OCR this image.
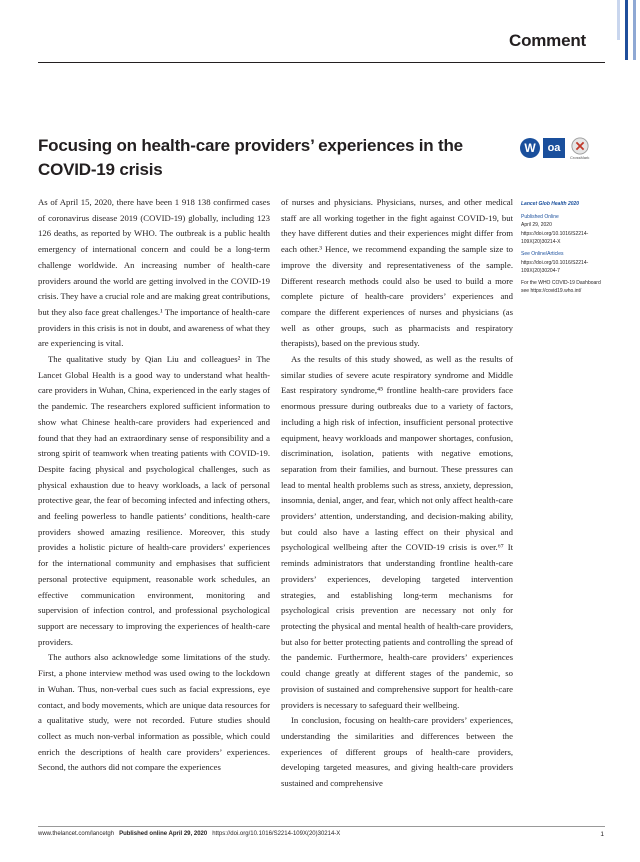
Comment
Focusing on health-care providers’ experiences in the COVID-19 crisis
W	oa
CrossMark

As of April 15, 2020, there have been 1 918 138 confirmed cases of coronavirus disease 2019 (COVID-19) globally, including 123 126 deaths, as reported by WHO. The outbreak is a public health emergency of international concern and could be a long-term challenge worldwide. An increasing number of health-care providers around the world are getting involved in the COVID-19 crisis. They have a crucial role and are making great contributions, but they also face great challenges.¹ The importance of health-care providers in this crisis is not in doubt, and awareness of what they are experiencing is vital.

The qualitative study by Qian Liu and colleagues² in The Lancet Global Health is a good way to understand what health-care providers in Wuhan, China, experienced in the early stages of the pandemic. The researchers explored sufficient information to show what Chinese health-care providers had experienced and found that they had an extraordinary sense of responsibility and a strong spirit of teamwork when treating patients with COVID-19. Despite facing physical and psychological challenges, such as physical exhaustion due to heavy workloads, a lack of personal protective gear, the fear of becoming infected and infecting others, and feeling powerless to handle patients’ conditions, health-care providers showed amazing resilience. Moreover, this study provides a holistic picture of health-care providers’ experiences for the international community and emphasises that sufficient personal protective equipment, reasonable work schedules, an effective communication environment, monitoring and supervision of infection control, and professional psychological support are necessary to improving the experiences of health-care providers.

The authors also acknowledge some limitations of the study. First, a phone interview method was used owing to the lockdown in Wuhan. Thus, non-verbal cues such as facial expressions, eye contact, and body movements, which are unique data resources for a qualitative study, were not recorded. Future studies should collect as much non-verbal information as possible, which could enrich the descriptions of health care providers’ experiences. Second, the authors did not compare the experiences

of nurses and physicians. Physicians, nurses, and other medical staff are all working together in the fight against COVID-19, but they have different duties and their experiences might differ from each other.³ Hence, we recommend expanding the sample size to improve the diversity and representativeness of the sample. Different research methods could also be used to build a more complete picture of health-care providers’ experiences and compare the different experiences of nurses and physicians (as well as other groups, such as pharmacists and respiratory therapists), based on the previous study.

As the results of this study showed, as well as the results of similar studies of severe acute respiratory syndrome and Middle East respiratory syndrome,⁴⁵ frontline health-care providers face enormous pressure during outbreaks due to a variety of factors, including a high risk of infection, insufficient personal protective equipment, heavy workloads and manpower shortages, confusion, discrimination, isolation, patients with negative emotions, separation from their families, and burnout. These pressures can lead to mental health problems such as stress, anxiety, depression, insomnia, denial, anger, and fear, which not only affect health-care providers’ attention, understanding, and decision-making ability, but could also have a lasting effect on their physical and psychological wellbeing after the COVID-19 crisis is over.⁶⁷ It reminds administrators that understanding frontline health-care providers’ experiences, developing targeted intervention strategies, and establishing long-term mechanisms for psychological crisis prevention are necessary not only for protecting the physical and mental health of health-care providers, but also for better protecting patients and controlling the spread of the pandemic. Furthermore, health-care providers’ experiences could change greatly at different stages of the pandemic, so provision of sustained and comprehensive support for health-care providers is necessary to safeguard their wellbeing.

In conclusion, focusing on health-care providers’ experiences, understanding the similarities and differences between the experiences of different groups of health-care providers, developing targeted measures, and giving health-care providers sustained and comprehensive

Lancet Glob Health 2020
Published Online
April 29, 2020
https://doi.org/10.1016/S2214-109X(20)30214-X
See Online/Articles
https://doi.org/10.1016/S2214-109X(20)30204-7
For the WHO COVID-19 Dashboard see https://covid19.who.int/
www.thelancet.com/lancetgh Published online April 29, 2020 https://doi.org/10.1016/S2214-109X(20)30214-X	1
